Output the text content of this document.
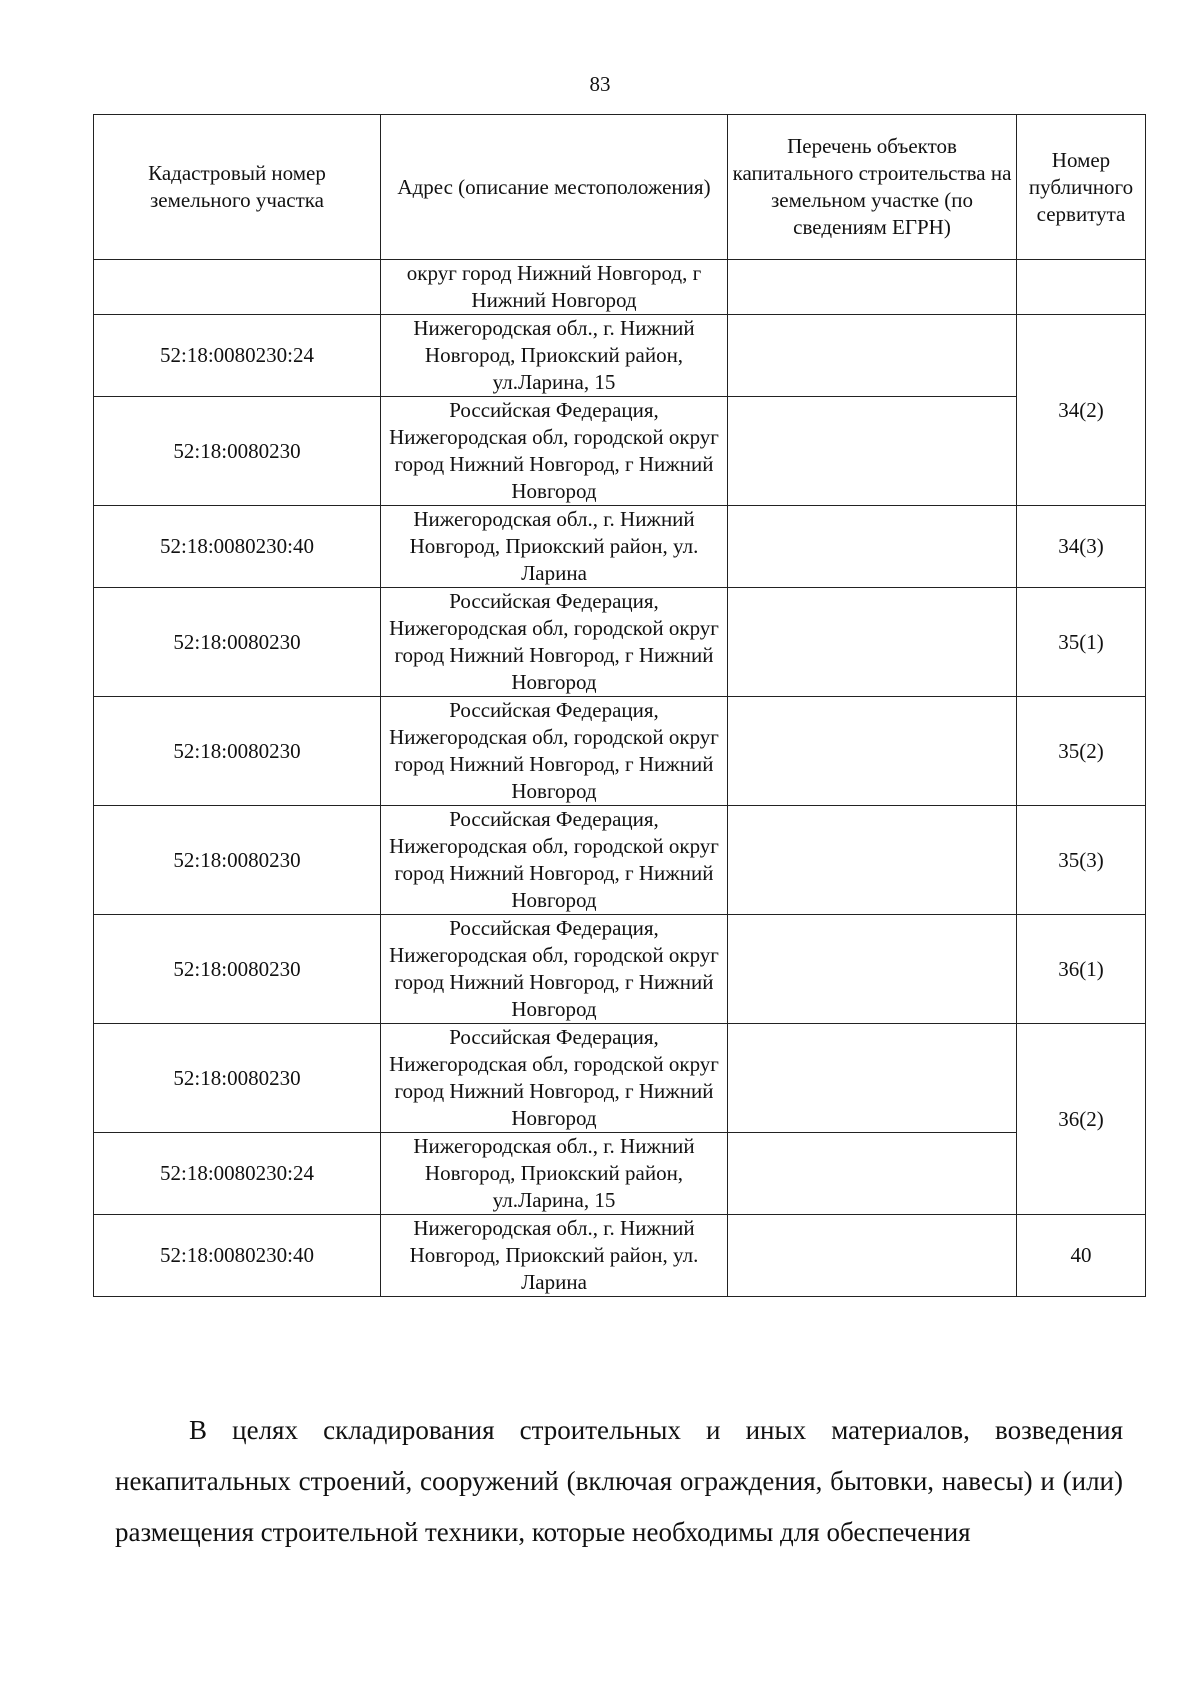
83
Кадастровый номер земельного участка	Адрес (описание местоположения)	Перечень объектов капитального строительства на земельном участке (по сведениям ЕГРН)	Номер публичного сервитута
	округ город Нижний Новгород, г Нижний Новгород		
52:18:0080230:24	Нижегородская обл., г. Нижний Новгород, Приокский район, ул.Ларина, 15		34(2)
52:18:0080230	Российская Федерация, Нижегородская обл, городской округ город Нижний Новгород, г Нижний Новгород		
52:18:0080230:40	Нижегородская обл., г. Нижний Новгород, Приокский район, ул. Ларина		34(3)
52:18:0080230	Российская Федерация, Нижегородская обл, городской округ город Нижний Новгород, г Нижний Новгород		35(1)
52:18:0080230	Российская Федерация, Нижегородская обл, городской округ город Нижний Новгород, г Нижний Новгород		35(2)
52:18:0080230	Российская Федерация, Нижегородская обл, городской округ город Нижний Новгород, г Нижний Новгород		35(3)
52:18:0080230	Российская Федерация, Нижегородская обл, городской округ город Нижний Новгород, г Нижний Новгород		36(1)
52:18:0080230	Российская Федерация, Нижегородская обл, городской округ город Нижний Новгород, г Нижний Новгород		36(2)
52:18:0080230:24	Нижегородская обл., г. Нижний Новгород, Приокский район, ул.Ларина, 15		
52:18:0080230:40	Нижегородская обл., г. Нижний Новгород, Приокский район, ул. Ларина		40

В целях складирования строительных и иных материалов, возведения некапитальных строений, сооружений (включая ограждения, бытовки, навесы) и (или) размещения строительной техники, которые необходимы для обеспечения
